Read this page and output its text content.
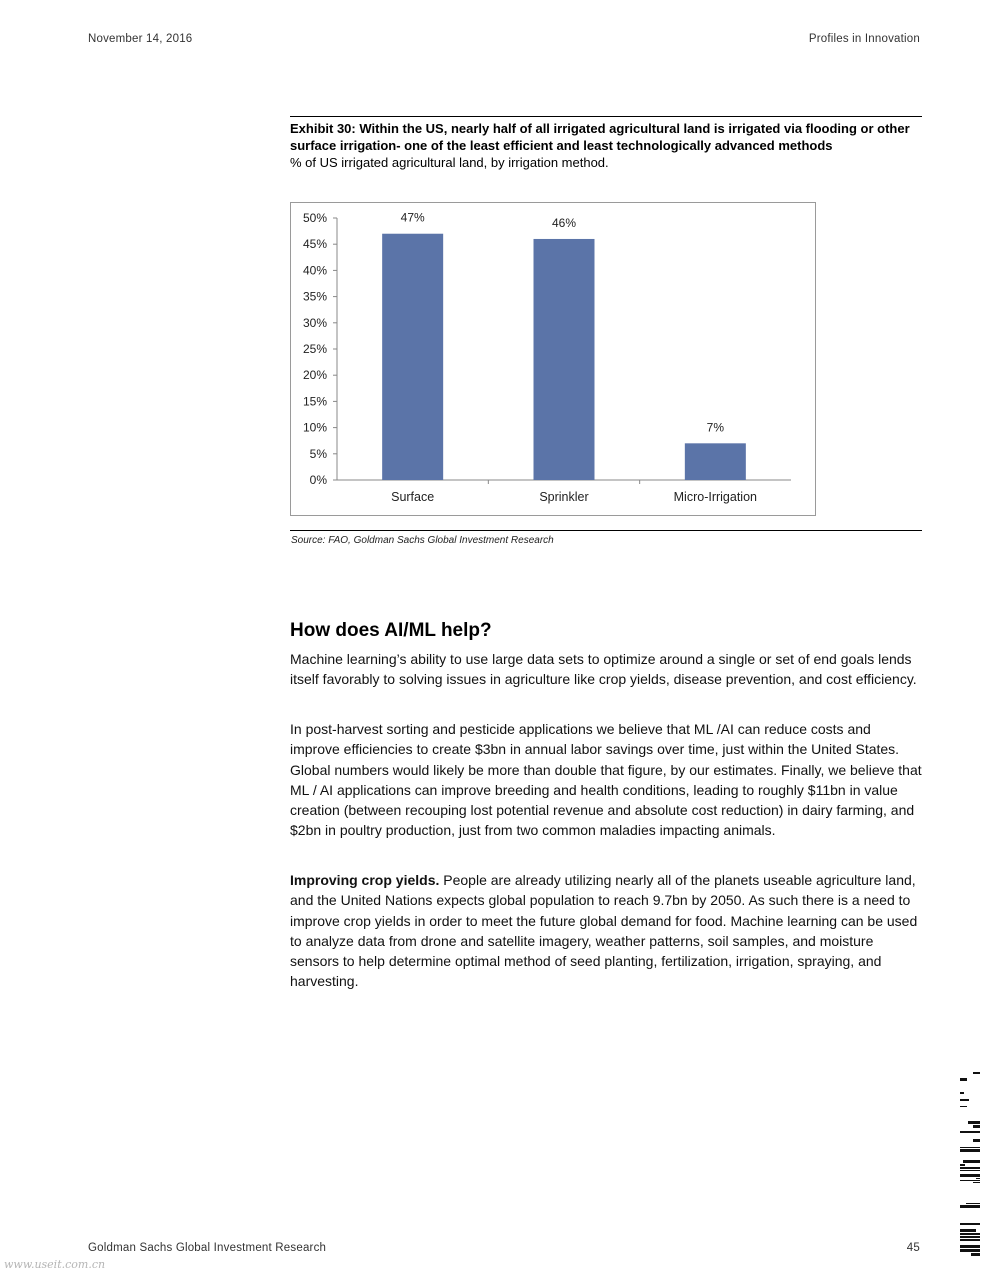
November 14, 2016	Profiles in Innovation
Exhibit 30: Within the US, nearly half of all irrigated agricultural land is irrigated via flooding or other surface irrigation- one of the least efficient and least technologically advanced methods
% of US irrigated agricultural land, by irrigation method.
0%
5%
10%
15%
20%
25%
30%
35%
40%
45%
50%	47%
Surface
46%
Sprinkler
7%
Micro-Irrigation
Source: FAO, Goldman Sachs Global Investment Research
How does AI/ML help?
Machine learning’s ability to use large data sets to optimize around a single or set of end goals lends itself favorably to solving issues in agriculture like crop yields, disease prevention, and cost efficiency.
In post-harvest sorting and pesticide applications we believe that ML /AI can reduce costs and improve efficiencies to create $3bn in annual labor savings over time, just within the United States. Global numbers would likely be more than double that figure, by our estimates. Finally, we believe that ML / AI applications can improve breeding and health conditions, leading to roughly $11bn in value creation (between recouping lost potential revenue and absolute cost reduction) in dairy farming, and $2bn in poultry production, just from two common maladies impacting animals.
Improving crop yields. People are already utilizing nearly all of the planets useable agriculture land, and the United Nations expects global population to reach 9.7bn by 2050. As such there is a need to improve crop yields in order to meet the future global demand for food. Machine learning can be used to analyze data from drone and satellite imagery, weather patterns, soil samples, and moisture sensors to help determine optimal method of seed planting, fertilization, irrigation, spraying, and harvesting.
Goldman Sachs Global Investment Research	45
www.useit.com.cn
